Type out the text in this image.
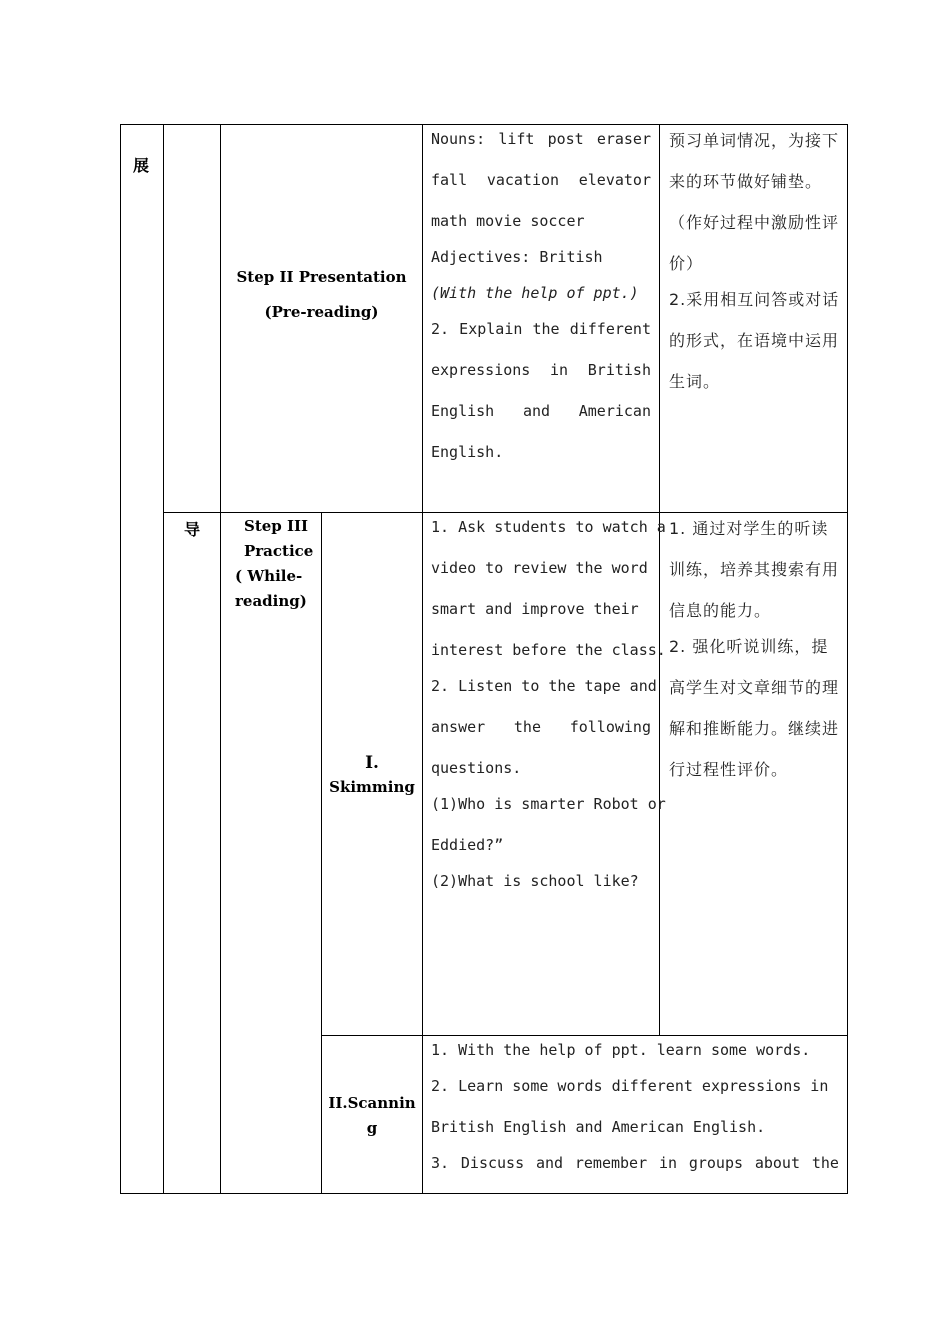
展
导
Step II Presentation
(Pre-reading)
Nouns: lift post eraser
fall vacation elevator
math movie soccer
Adjectives: British
(With the help of ppt.)
2. Explain the different
expressions in British
English and American
English.
预习单词情况，为接下
来的环节做好铺垫。
（作好过程中激励性评
价）
2.采用相互问答或对话
的形式，在语境中运用
生词。
Step III
Practice
( While-
reading)
Ⅰ.
Skimming
1. Ask students to watch a
video to review the word
smart and improve their
interest before the class.
2. Listen to the tape and
answer the following
questions.
(1)Who is smarter Robot or
Eddied?”
(2)What is school like?
1. 通过对学生的听读
训练，培养其搜索有用
信息的能力。
2. 强化听说训练，提
高学生对文章细节的理
解和推断能力。继续进
行过程性评价。
II.Scannin
g
1. With the help of ppt. learn some words.
2. Learn some words different expressions in
British English and American English.
3. Discuss and remember in groups about the
